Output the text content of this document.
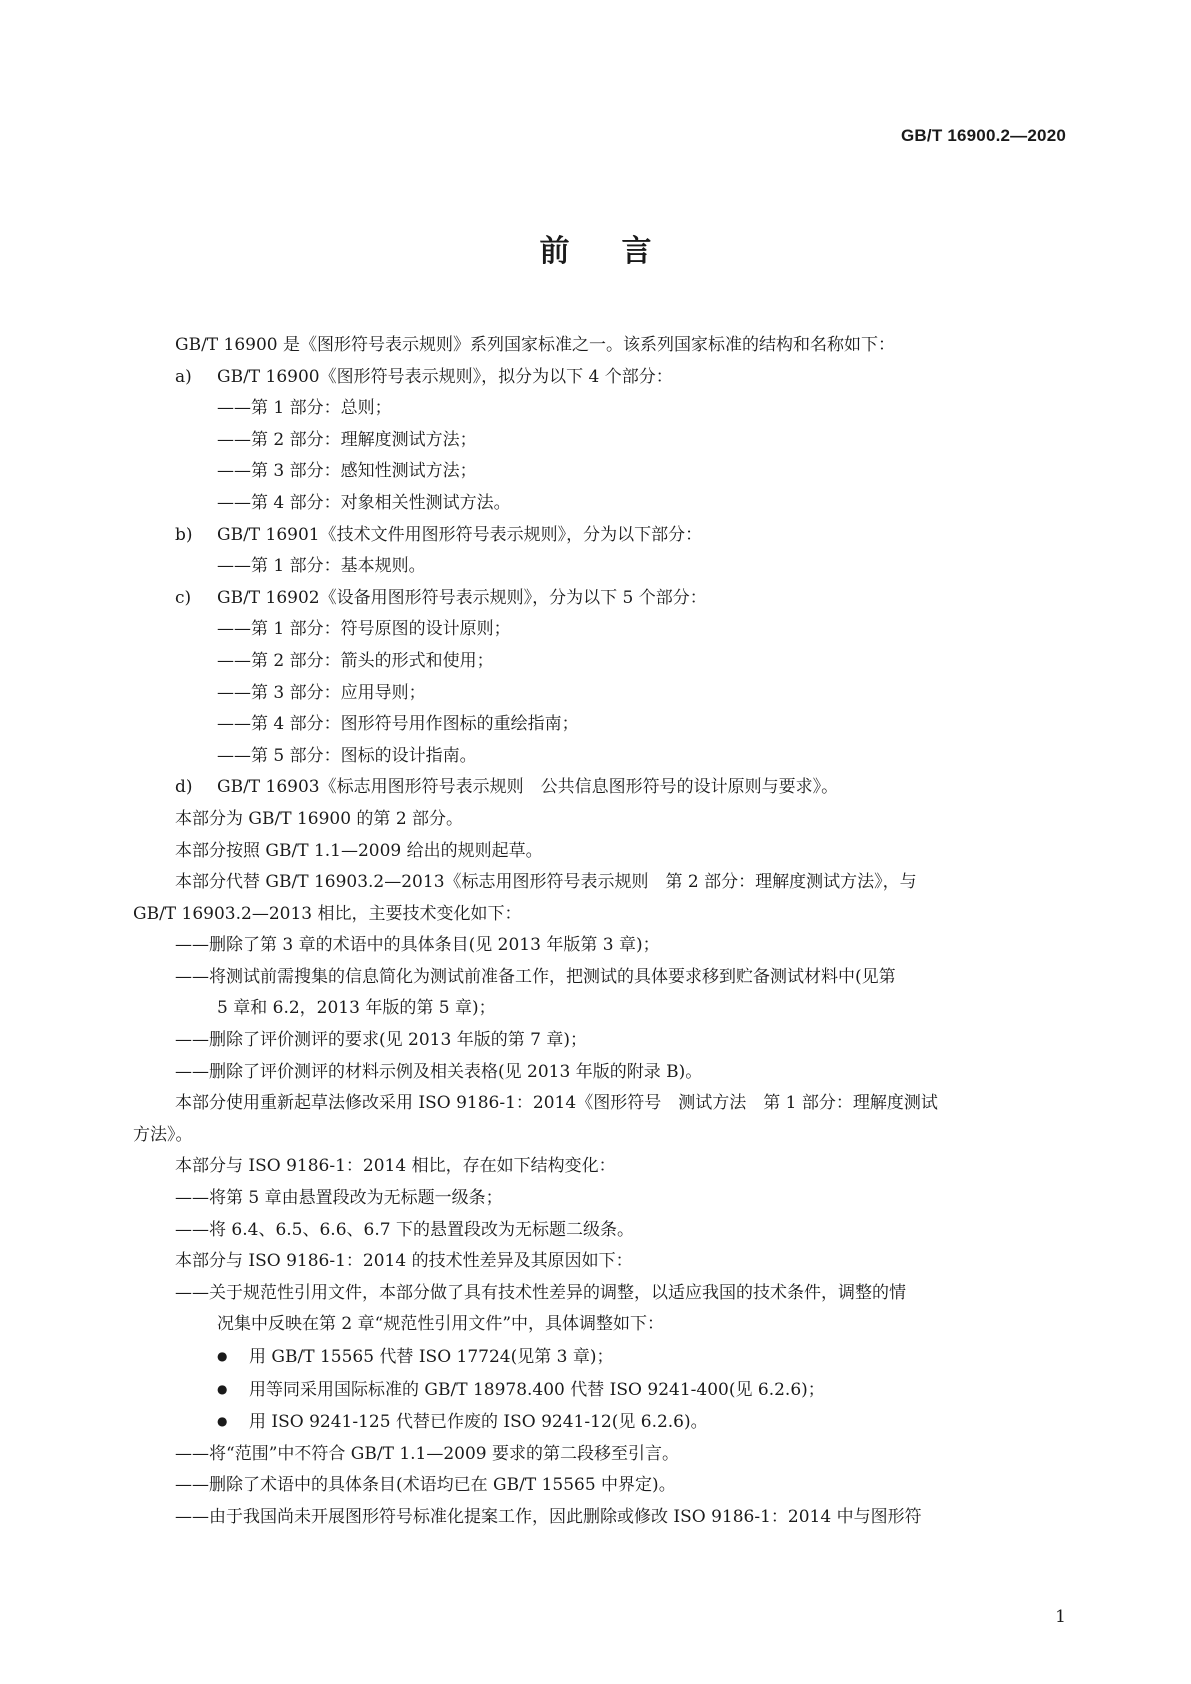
GB/T 16900.2—2020
前言
GB/T 16900 是《图形符号表示规则》系列国家标准之一。该系列国家标准的结构和名称如下：
a) GB/T 16900《图形符号表示规则》，拟分为以下 4 个部分：
——第 1 部分：总则；
——第 2 部分：理解度测试方法；
——第 3 部分：感知性测试方法；
——第 4 部分：对象相关性测试方法。
b) GB/T 16901《技术文件用图形符号表示规则》，分为以下部分：
——第 1 部分：基本规则。
c) GB/T 16902《设备用图形符号表示规则》，分为以下 5 个部分：
——第 1 部分：符号原图的设计原则；
——第 2 部分：箭头的形式和使用；
——第 3 部分：应用导则；
——第 4 部分：图形符号用作图标的重绘指南；
——第 5 部分：图标的设计指南。
d) GB/T 16903《标志用图形符号表示规则　公共信息图形符号的设计原则与要求》。
本部分为 GB/T 16900 的第 2 部分。
本部分按照 GB/T 1.1—2009 给出的规则起草。
本部分代替 GB/T 16903.2—2013《标志用图形符号表示规则　第 2 部分：理解度测试方法》，与
GB/T 16903.2—2013 相比，主要技术变化如下：
——删除了第 3 章的术语中的具体条目(见 2013 年版第 3 章)；
——将测试前需搜集的信息简化为测试前准备工作，把测试的具体要求移到贮备测试材料中(见第
5 章和 6.2，2013 年版的第 5 章)；
——删除了评价测评的要求(见 2013 年版的第 7 章)；
——删除了评价测评的材料示例及相关表格(见 2013 年版的附录 B)。
本部分使用重新起草法修改采用 ISO 9186-1：2014《图形符号　测试方法　第 1 部分：理解度测试
方法》。
本部分与 ISO 9186-1：2014 相比，存在如下结构变化：
——将第 5 章由悬置段改为无标题一级条；
——将 6.4、6.5、6.6、6.7 下的悬置段改为无标题二级条。
本部分与 ISO 9186-1：2014 的技术性差异及其原因如下：
——关于规范性引用文件，本部分做了具有技术性差异的调整，以适应我国的技术条件，调整的情
况集中反映在第 2 章“规范性引用文件”中，具体调整如下：
● 用 GB/T 15565 代替 ISO 17724(见第 3 章)；
● 用等同采用国际标准的 GB/T 18978.400 代替 ISO 9241-400(见 6.2.6)；
● 用 ISO 9241-125 代替已作废的 ISO 9241-12(见 6.2.6)。
——将“范围”中不符合 GB/T 1.1—2009 要求的第二段移至引言。
——删除了术语中的具体条目(术语均已在 GB/T 15565 中界定)。
——由于我国尚未开展图形符号标准化提案工作，因此删除或修改 ISO 9186-1：2014 中与图形符
1
